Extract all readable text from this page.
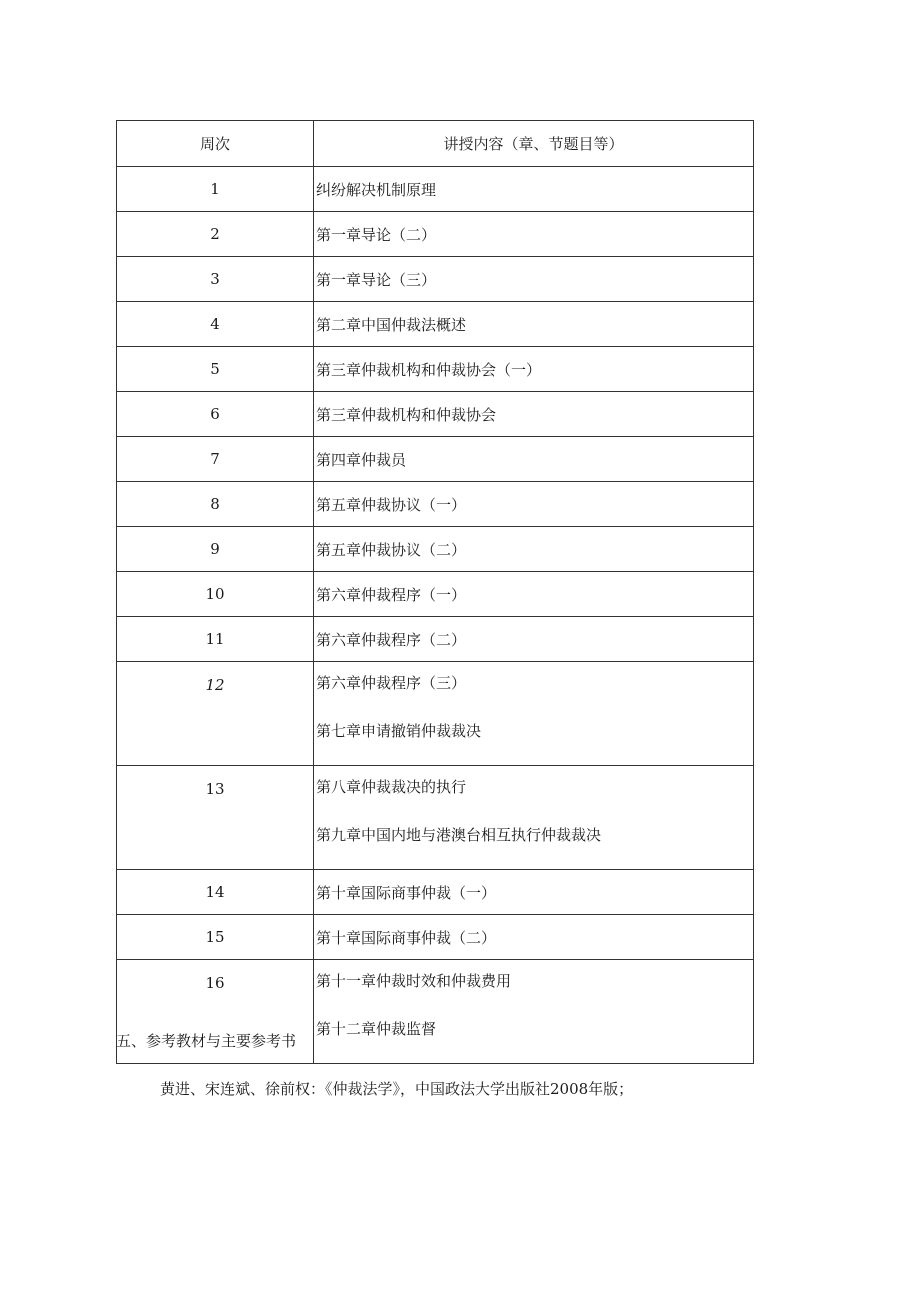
周次	讲授内容（章、节题目等）
1	纠纷解决机制原理
2	第一章导论（二）
3	第一章导论（三）
4	第二章中国仲裁法概述
5	第三章仲裁机构和仲裁协会（一）
6	第三章仲裁机构和仲裁协会
7	第四章仲裁员
8	第五章仲裁协议（一）
9	第五章仲裁协议（二）
10	第六章仲裁程序（一）
11	第六章仲裁程序（二）
12	第六章仲裁程序（三）
第七章申请撤销仲裁裁决

13	第八章仲裁裁决的执行
第九章中国内地与港澳台相互执行仲裁裁决

14	第十章国际商事仲裁（一）
15	第十章国际商事仲裁（二）
16	第十一章仲裁时效和仲裁费用
第十二章仲裁监督

五、参考教材与主要参考书

黄进、宋连斌、徐前权：《仲裁法学》，中国政法大学出版社2008年版；
